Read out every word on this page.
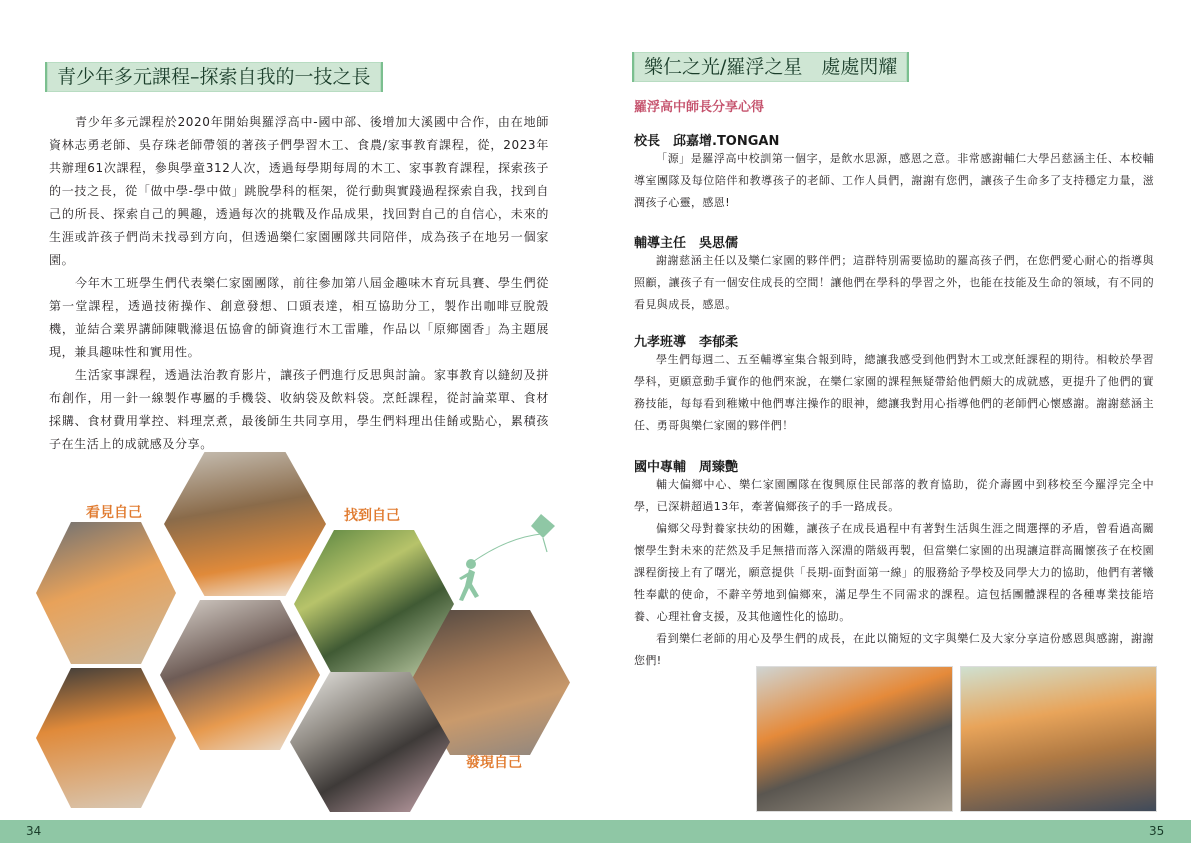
青少年多元課程–探索自我的一技之長

青少年多元課程於2020年開始與羅浮高中-國中部、後增加大溪國中合作，由在地師資林志勇老師、吳存珠老師帶領的著孩子們學習木工、食農/家事教育課程，從，2023年共辦理61次課程，參與學童312人次，透過每學期每周的木工、家事教育課程，探索孩子的一技之長，從「做中學-學中做」跳脫學科的框架，從行動與實踐過程探索自我，找到自己的所長、探索自己的興趣，透過每次的挑戰及作品成果，找回對自己的自信心，未來的生涯或許孩子們尚未找尋到方向，但透過樂仁家園團隊共同陪伴，成為孩子在地另一個家園。

今年木工班學生們代表樂仁家園團隊，前往參加第八屆金趣味木育玩具賽、學生們從第一堂課程，透過技術操作、創意發想、口頭表達，相互協助分工，製作出咖啡豆脫殼機，並結合業界講師陳戰滌退伍協會的師資進行木工雷雕，作品以「原鄉園香」為主題展現，兼具趣味性和實用性。

生活家事課程，透過法治教育影片，讓孩子們進行反思與討論。家事教育以縫紉及拼布創作，用一針一線製作專屬的手機袋、收納袋及飲料袋。烹飪課程，從討論菜單、食材採購、食材費用掌控、料理烹煮，最後師生共同享用，學生們料理出佳餚或點心，累積孩子在生活上的成就感及分享。

看見自己	找到自己
發現自己
34
樂仁之光/羅浮之星　處處閃耀
羅浮高中師長分享心得
校長　邱嘉增.TONGAN

「源」是羅浮高中校訓第一個字，是飲水思源，感恩之意。非常感謝輔仁大學呂慈涵主任、本校輔導室團隊及每位陪伴和教導孩子的老師、工作人員們，謝謝有您們，讓孩子生命多了支持穩定力量，滋潤孩子心靈，感恩!

輔導主任　吳思儒

謝謝慈涵主任以及樂仁家園的夥伴們；這群特別需要協助的羅高孩子們，在您們愛心耐心的指導與照顧，讓孩子有一個安住成長的空間！讓他們在學科的學習之外，也能在技能及生命的領域，有不同的看見與成長，感恩。

九孝班導　李郁柔

學生們每週二、五至輔導室集合報到時，總讓我感受到他們對木工或烹飪課程的期待。相較於學習學科，更願意動手實作的他們來說，在樂仁家園的課程無疑帶給他們頗大的成就感，更提升了他們的實務技能，每每看到稚嫩中他們專注操作的眼神，總讓我對用心指導他們的老師們心懷感謝。謝謝慈涵主任、勇哥與樂仁家園的夥伴們！

國中專輔　周臻艷

輔大偏鄉中心、樂仁家園團隊在復興原住民部落的教育協助，從介壽國中到移校至今羅浮完全中學，已深耕超過13年，牽著偏鄉孩子的手一路成長。

偏鄉父母對養家扶幼的困難，讓孩子在成長過程中有著對生活與生涯之間選擇的矛盾，曾看過高關懷學生對未來的茫然及手足無措而落入深淵的階級再製，但當樂仁家園的出現讓這群高關懷孩子在校園課程銜接上有了曙光，願意提供「長期-面對面第一線」的服務給予學校及同學大力的協助，他們有著犧牲奉獻的使命，不辭辛勞地到偏鄉來，滿足學生不同需求的課程。這包括團體課程的各種專業技能培養、心理社會支援，及其他適性化的協助。

看到樂仁老師的用心及學生們的成長，在此以簡短的文字與樂仁及大家分享這份感恩與感謝，謝謝您們!

35
